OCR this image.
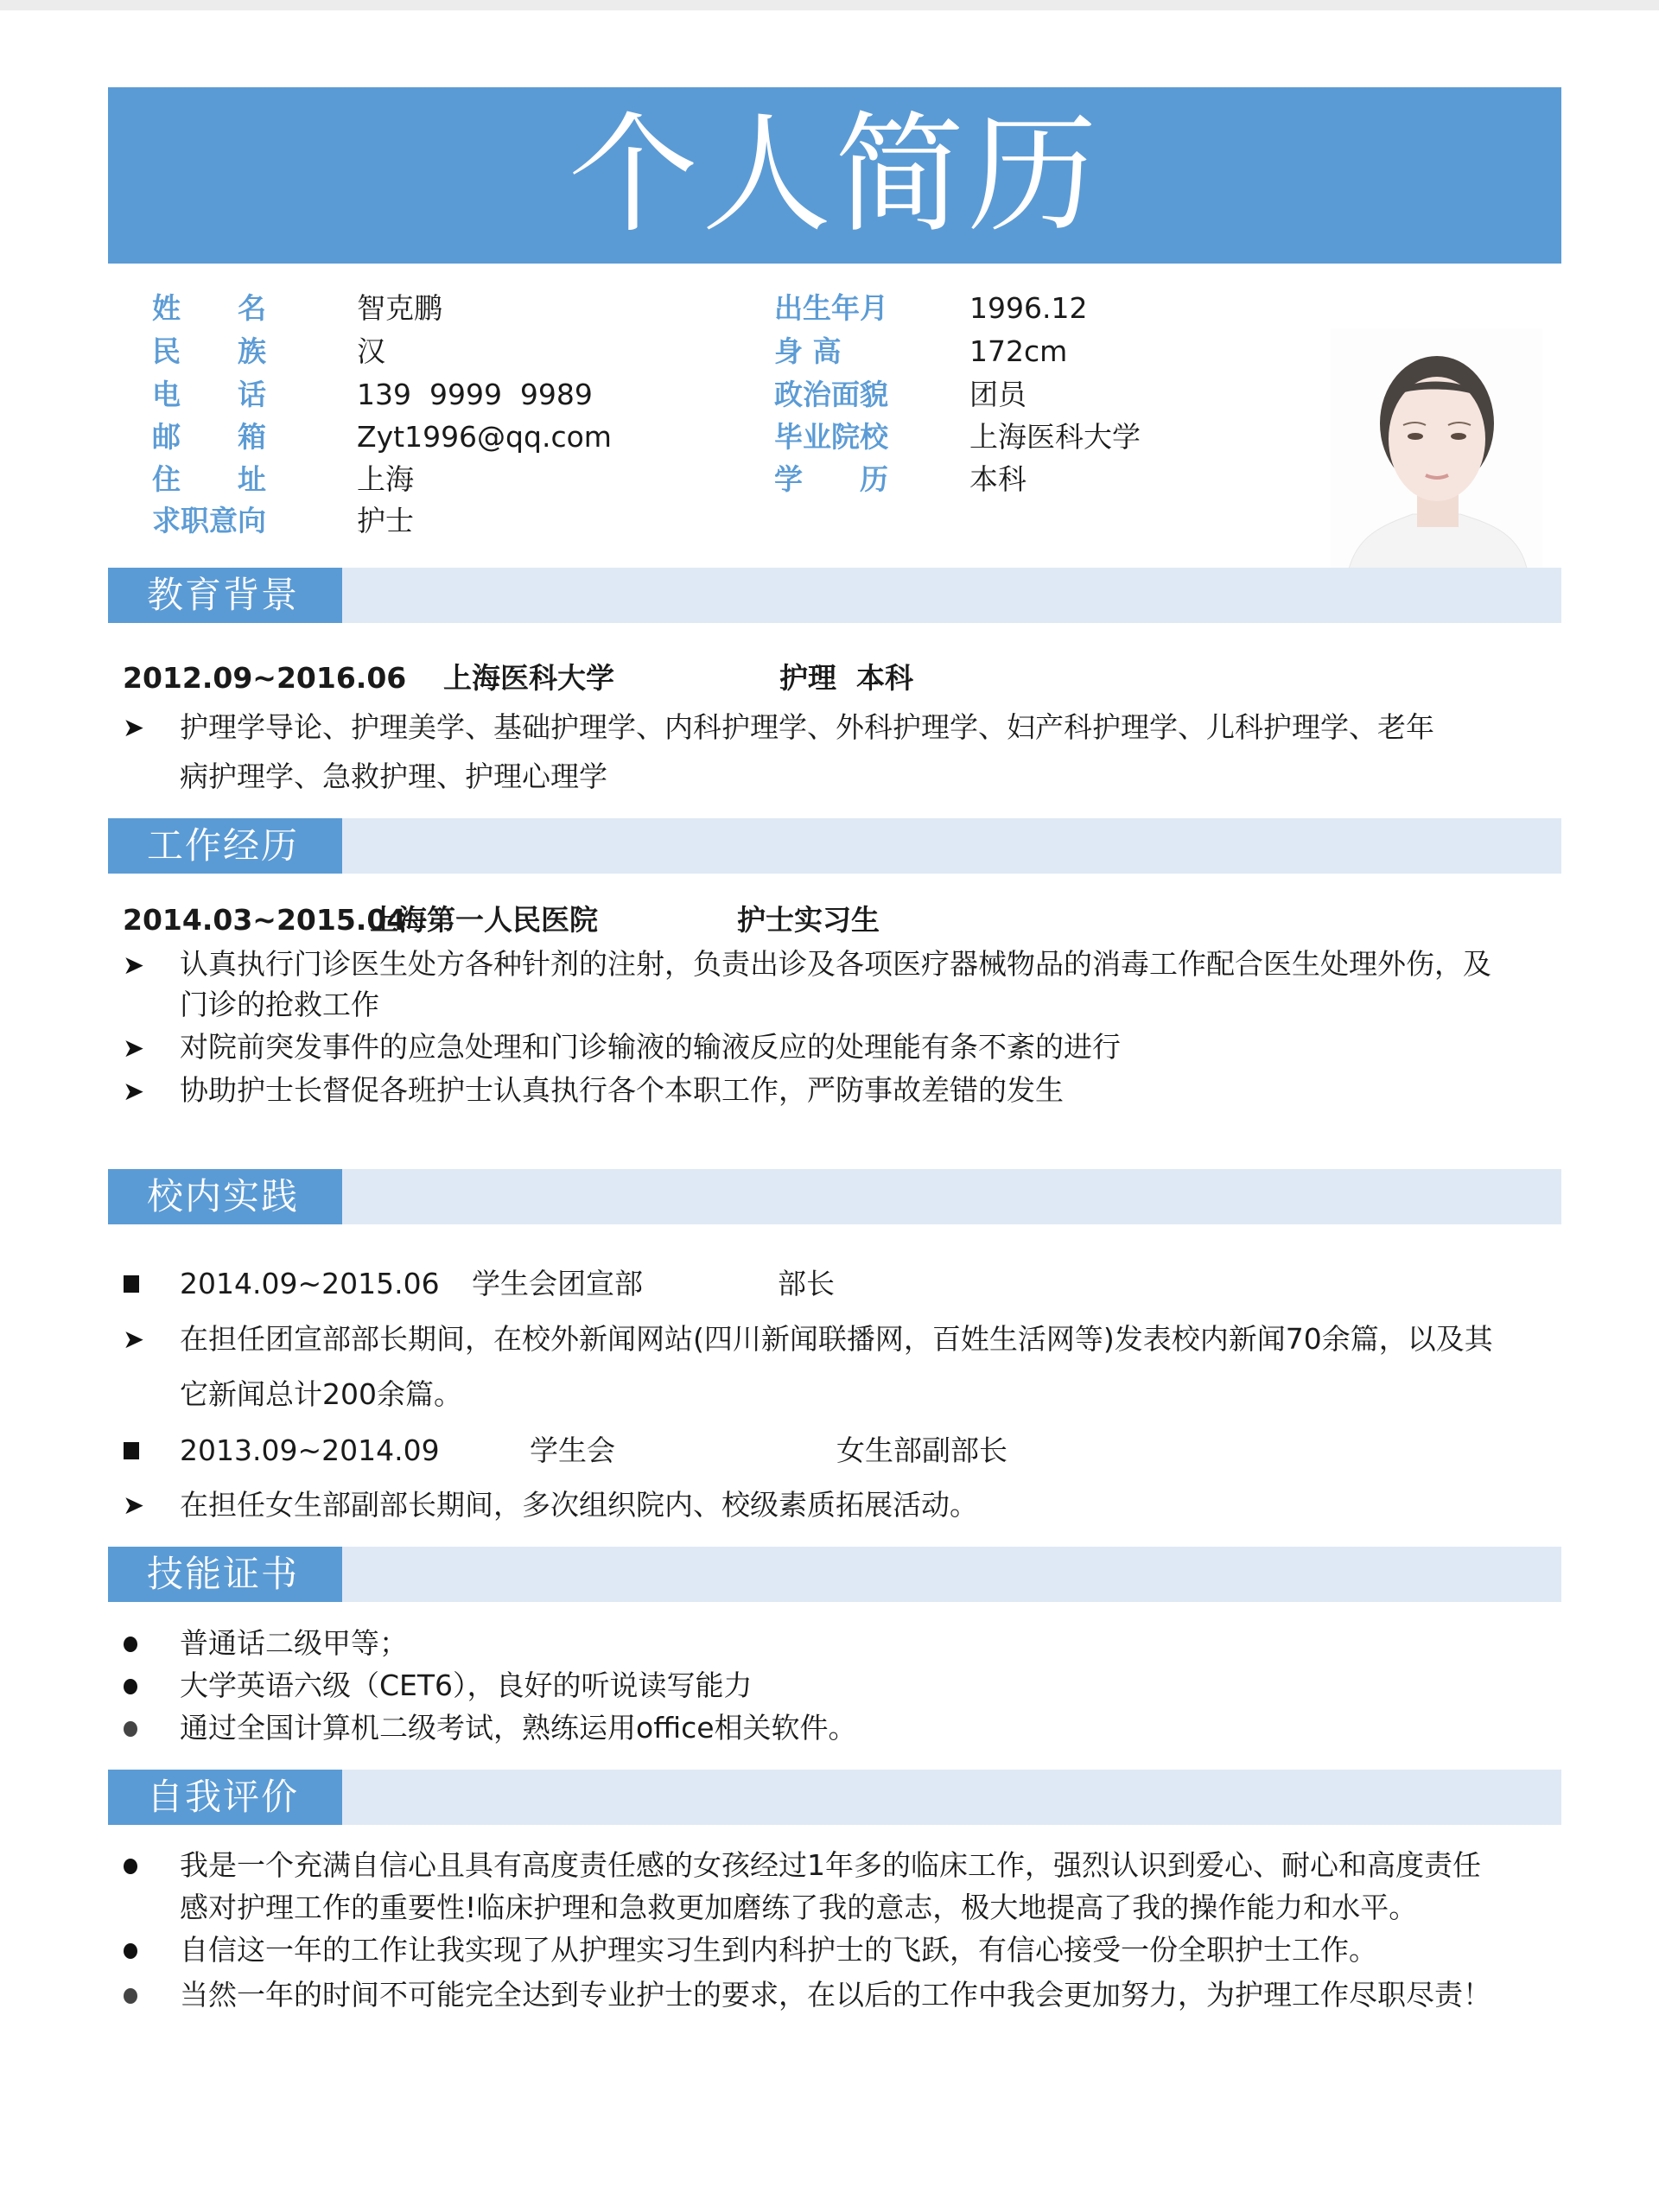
个人简历
姓　　名	智克鹏	出生年月	1996.12
民　　族	汉	身 高	172cm
电　　话	139  9999  9989	政治面貌	团员
邮　　箱	Zyt1996@qq.com	毕业院校	上海医科大学
住　　址	上海	学　　历	本科
求职意向	护士
教育背景
2012.09~2016.06 上海医科大学	护理  本科
➤ 护理学导论、护理美学、基础护理学、内科护理学、外科护理学、妇产科护理学、儿科护理学、老年
病护理学、急救护理、护理心理学
工作经历
2014.03~2015.04
上海第一人民医院	护士实习生
➤ 认真执行门诊医生处方各种针剂的注射，负责出诊及各项医疗器械物品的消毒工作配合医生处理外伤，及
门诊的抢救工作
➤ 对院前突发事件的应急处理和门诊输液的输液反应的处理能有条不紊的进行
➤ 协助护士长督促各班护士认真执行各个本职工作，严防事故差错的发生
校内实践
2014.09~2015.06 学生会团宣部	部长
➤ 在担任团宣部部长期间，在校外新闻网站(四川新闻联播网，百姓生活网等)发表校内新闻70余篇，以及其
它新闻总计200余篇。
2013.09~2014.09	学生会	女生部副部长
➤ 在担任女生部副部长期间，多次组织院内、校级素质拓展活动。
技能证书
普通话二级甲等；
大学英语六级（CET6），良好的听说读写能力
通过全国计算机二级考试，熟练运用office相关软件。
自我评价
我是一个充满自信心且具有高度责任感的女孩经过1年多的临床工作，强烈认识到爱心、耐心和高度责任
感对护理工作的重要性!临床护理和急救更加磨练了我的意志，极大地提高了我的操作能力和水平。
自信这一年的工作让我实现了从护理实习生到内科护士的飞跃，有信心接受一份全职护士工作。
当然一年的时间不可能完全达到专业护士的要求，在以后的工作中我会更加努力，为护理工作尽职尽责！
